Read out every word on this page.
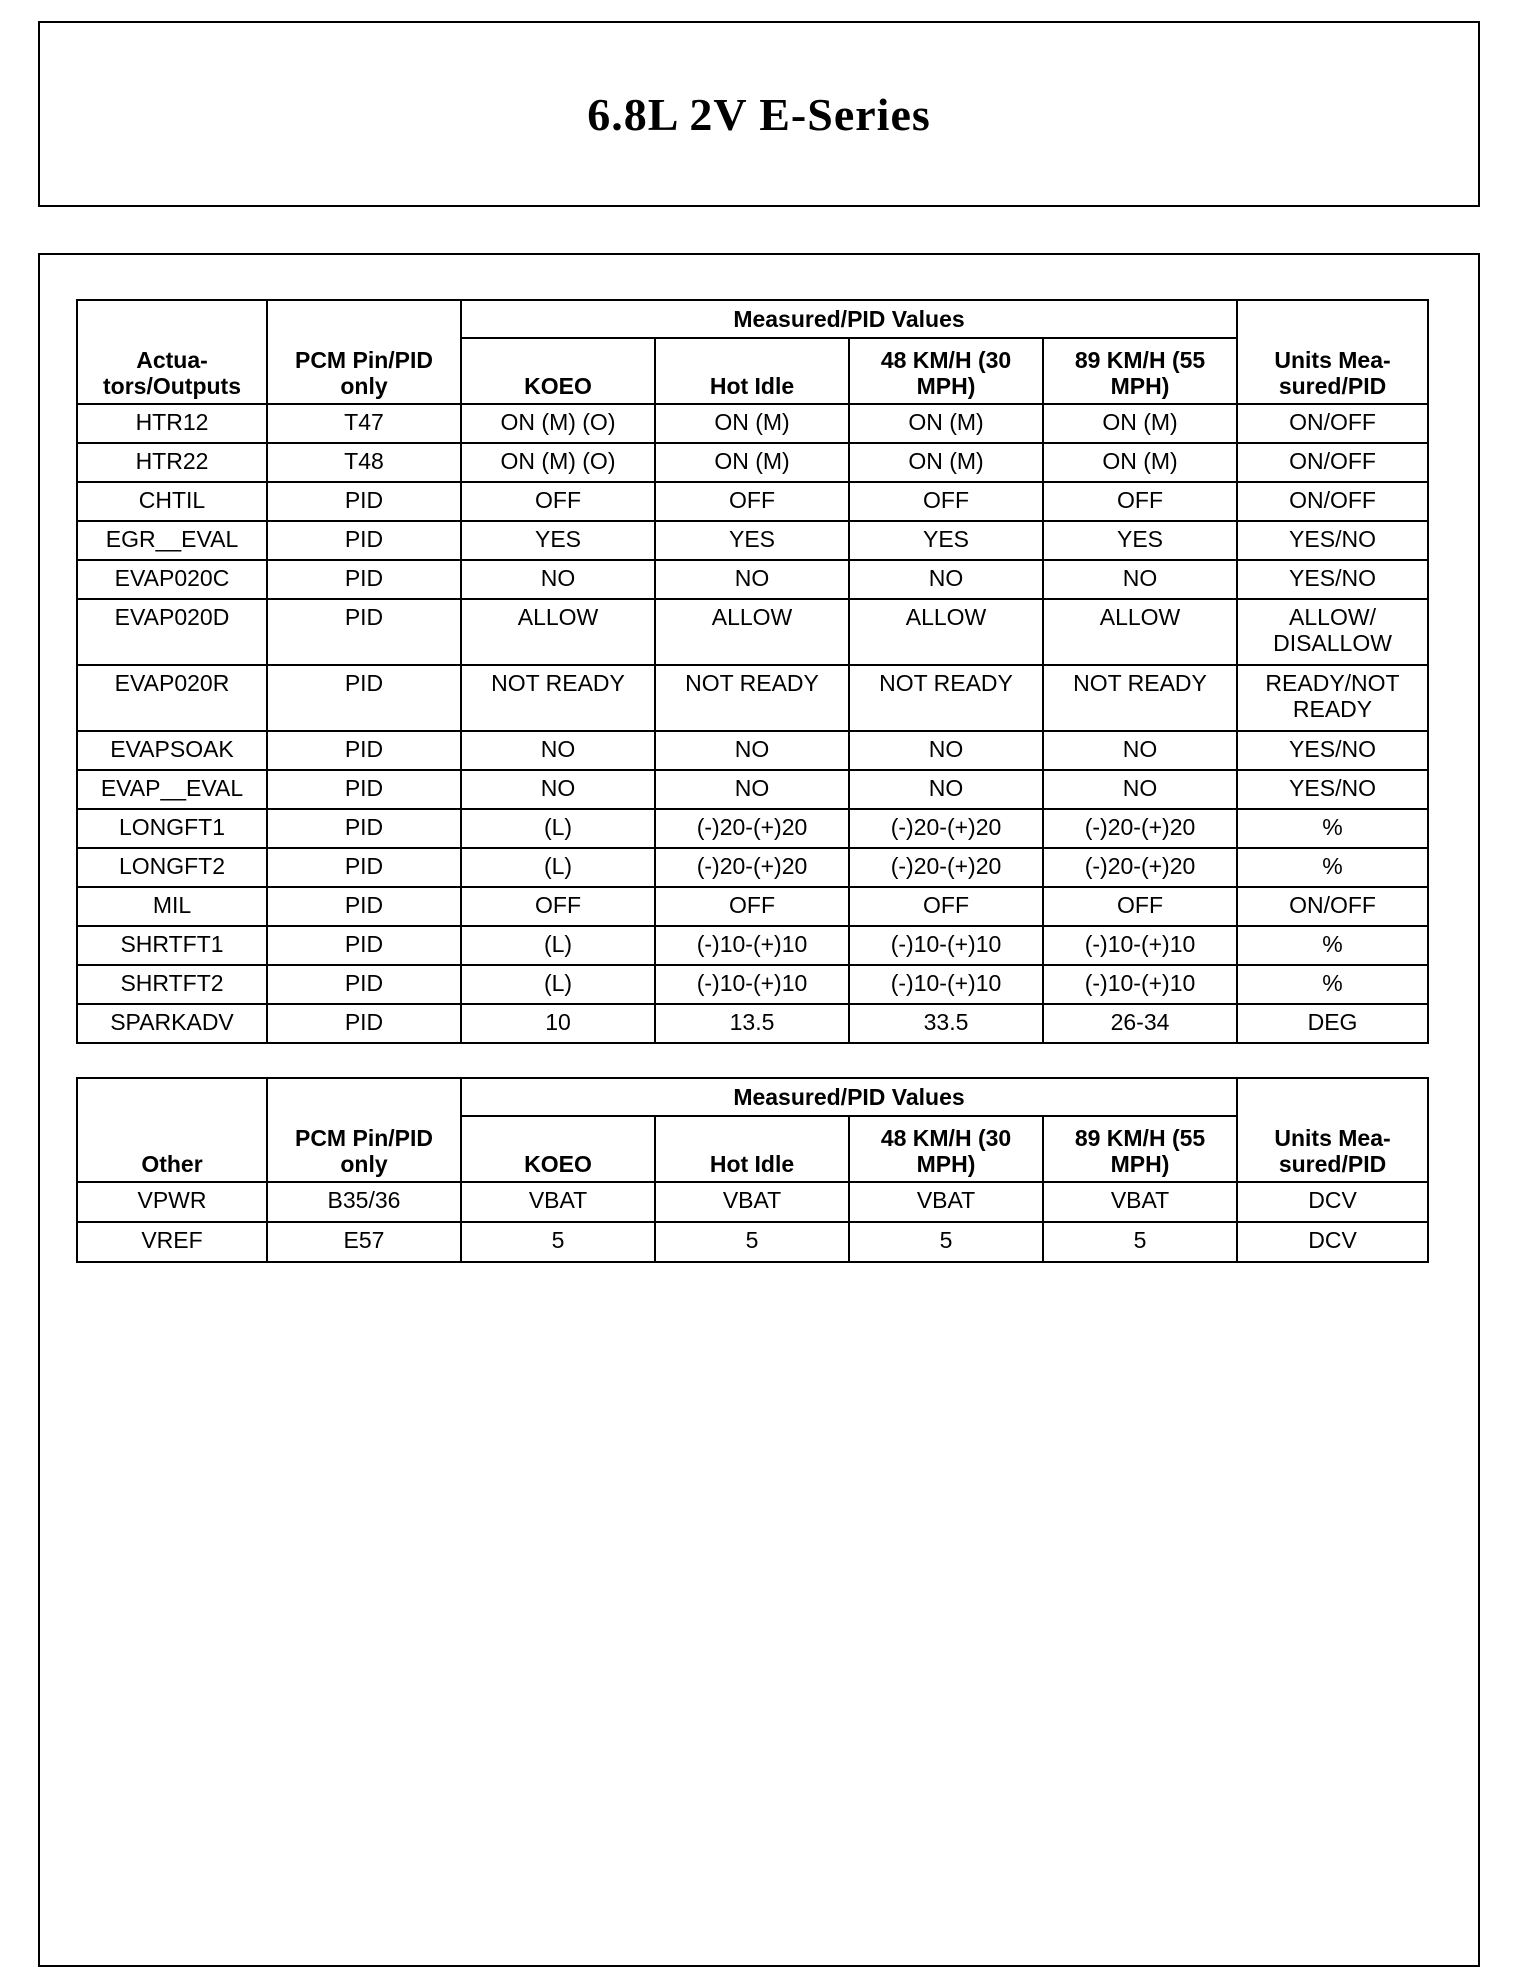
6.8L 2V E-Series
Actua-tors/Outputs	PCM Pin/PID only	Measured/PID Values				Units Mea-sured/PID
		KOEO	Hot Idle	48 KM/H (30 MPH)	89 KM/H (55 MPH)	
HTR12	T47	ON (M) (O)	ON (M)	ON (M)	ON (M)	ON/OFF
HTR22	T48	ON (M) (O)	ON (M)	ON (M)	ON (M)	ON/OFF
CHTIL	PID	OFF	OFF	OFF	OFF	ON/OFF
EGR__EVAL	PID	YES	YES	YES	YES	YES/NO
EVAP020C	PID	NO	NO	NO	NO	YES/NO
EVAP020D	PID	ALLOW	ALLOW	ALLOW	ALLOW	ALLOW/ DISALLOW
EVAP020R	PID	NOT READY	NOT READY	NOT READY	NOT READY	READY/NOT READY
EVAPSOAK	PID	NO	NO	NO	NO	YES/NO
EVAP__EVAL	PID	NO	NO	NO	NO	YES/NO
LONGFT1	PID	(L)	(-)20-(+)20	(-)20-(+)20	(-)20-(+)20	%
LONGFT2	PID	(L)	(-)20-(+)20	(-)20-(+)20	(-)20-(+)20	%
MIL	PID	OFF	OFF	OFF	OFF	ON/OFF
SHRTFT1	PID	(L)	(-)10-(+)10	(-)10-(+)10	(-)10-(+)10	%
SHRTFT2	PID	(L)	(-)10-(+)10	(-)10-(+)10	(-)10-(+)10	%
SPARKADV	PID	10	13.5	33.5	26-34	DEG
Other	PCM Pin/PID only	Measured/PID Values				Units Mea-sured/PID
		KOEO	Hot Idle	48 KM/H (30 MPH)	89 KM/H (55 MPH)	
VPWR	B35/36	VBAT	VBAT	VBAT	VBAT	DCV
VREF	E57	5	5	5	5	DCV
